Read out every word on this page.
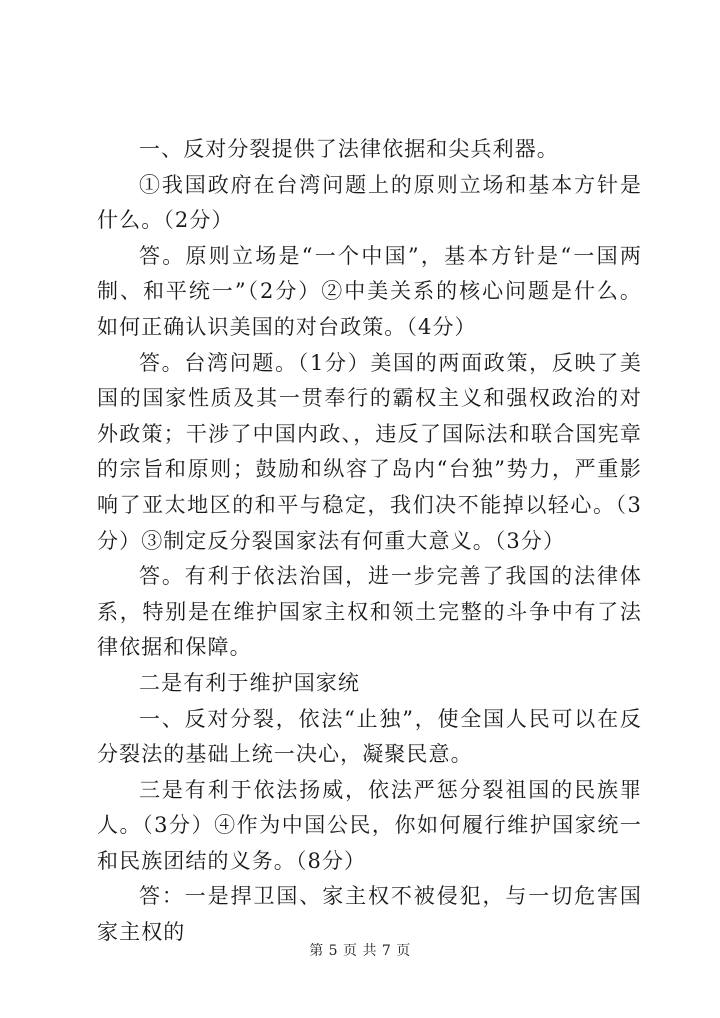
一、反对分裂提供了法律依据和尖兵利器。

①我国政府在台湾问题上的原则立场和基本方针是什么。（2分）

答。原则立场是“一个中国”，基本方针是“一国两制、和平统一”（2分）②中美关系的核心问题是什么。如何正确认识美国的对台政策。（4分）

答。台湾问题。（1分）美国的两面政策，反映了美国的国家性质及其一贯奉行的霸权主义和强权政治的对外政策；干涉了中国内政、，违反了国际法和联合国宪章的宗旨和原则；鼓励和纵容了岛内“台独”势力，严重影响了亚太地区的和平与稳定，我们决不能掉以轻心。（3分）③制定反分裂国家法有何重大意义。（3分）

答。有利于依法治国，进一步完善了我国的法律体系，特别是在维护国家主权和领土完整的斗争中有了法律依据和保障。

二是有利于维护国家统

一、反对分裂，依法“止独”，使全国人民可以在反分裂法的基础上统一决心，凝聚民意。

三是有利于依法扬威，依法严惩分裂祖国的民族罪人。（3分）④作为中国公民，你如何履行维护国家统一和民族团结的义务。（8分）

答：一是捍卫国、家主权不被侵犯，与一切危害国家主权的

第 5 页 共 7 页
